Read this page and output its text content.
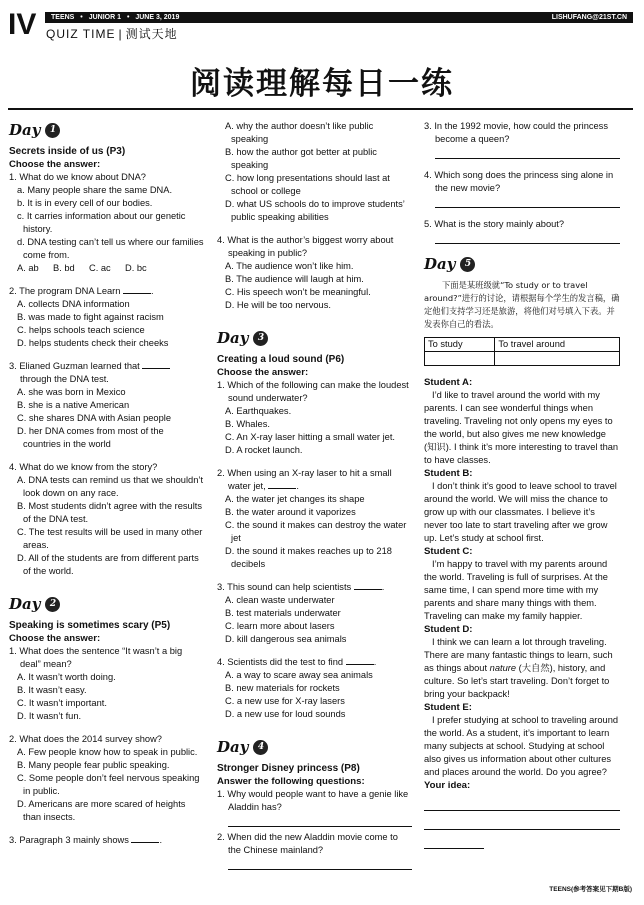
IV TEENS • JUNIOR 1 • JUNE 3, 2019	LISHUFANG@21ST.CN
QUIZ TIME | 测试天地
阅读理解每日一练
Day	1
Secrets inside of us (P3)
Choose the answer:
1. What do we know about DNA?
a. Many people share the same DNA.
b. It is in every cell of our bodies.
c. It carries information about our genetic history.
d. DNA testing can’t tell us where our families come from.
A. ab	B. bd	C. ac	D. bc
2. The program DNA Learn	.
A. collects DNA information
B. was made to fight against racism
C. helps schools teach science
D. helps students check their cheeks
3. Elianed Guzman learned that
through the DNA test.
A. she was born in Mexico
B. she is a native American
C. she shares DNA with Asian people
D. her DNA comes from most of the countries in the world
4. What do we know from the story?
A. DNA tests can remind us that we shouldn’t look down on any race.
B. Most students didn’t agree with the results of the DNA test.
C. The test results will be used in many other areas.
D. All of the students are from different parts of the world.
Day	2
Speaking is sometimes scary (P5)
Choose the answer:
1. What does the sentence “It wasn’t a big deal” mean?
A. It wasn’t worth doing.
B. It wasn’t easy.
C. It wasn’t important.
D. It wasn’t fun.
2. What does the 2014 survey show?
A. Few people know how to speak in public.
B. Many people fear public speaking.
C. Some people don’t feel nervous speaking in public.
D. Americans are more scared of heights than insects.
3. Paragraph 3 mainly shows	.
A. why the author doesn’t like public speaking
B. how the author got better at public speaking
C. how long presentations should last at school or college
D. what US schools do to improve students’ public speaking abilities
4. What is the author’s biggest worry about speaking in public?
A. The audience won’t like him.
B. The audience will laugh at him.
C. His speech won’t be meaningful.
D. He will be too nervous.
Day	3
Creating a loud sound (P6)
Choose the answer:
1. Which of the following can make the loudest sound underwater?
A. Earthquakes.
B. Whales.
C. An X-ray laser hitting a small water jet.
D. A rocket launch.
2. When using an X-ray laser to hit a small water jet,	.
A. the water jet changes its shape
B. the water around it vaporizes
C. the sound it makes can destroy the water jet
D. the sound it makes reaches up to 218 decibels
3. This sound can help scientists	.
A. clean waste underwater
B. test materials underwater
C. learn more about lasers
D. kill dangerous sea animals
4. Scientists did the test to find	.
A. a way to scare away sea animals
B. new materials for rockets
C. a new use for X-ray lasers
D. a new use for loud sounds
Day	4
Stronger Disney princess (P8)
Answer the following questions:
1. Why would people want to have a genie like Aladdin has?
2. When did the new Aladdin movie come to the Chinese mainland?
3. In the 1992 movie, how could the princess become a queen?
4. Which song does the princess sing alone in the new movie?
5. What is the story mainly about?
Day	5
下面是某班级就“To study or to travel around?”进行的讨论，请根据每个学生的发言稿，确定他们支持学习还是旅游，将他们对号填入下表。并发表你自己的看法。
To study	To travel around

Student A:
I’d like to travel around the world with my parents. I can see wonderful things when traveling. Traveling not only opens my eyes to the world, but also gives me new knowledge (知识). I think it’s more interesting to travel than to have classes.
Student B:
I don’t think it’s good to leave school to travel around the world. We will miss the chance to grow up with our classmates. I believe it’s never too late to start traveling after we grow up. Let’s study at school first.
Student C:
I’m happy to travel with my parents around the world. Traveling is full of surprises. At the same time, I can spend more time with my parents and share many things with them. Traveling can make my family happier.
Student D:
I think we can learn a lot through traveling. There are many fantastic things to learn, such as things about nature (大自然), history, and culture. So let’s start traveling. Don’t forget to bring your backpack!
Student E:
I prefer studying at school to traveling around the world. As a student, it’s important to learn many subjects at school. Studying at school also gives us information about other cultures and places around the world. Do you agree?
Your idea:
TEENS(参考答案见下期B版)
